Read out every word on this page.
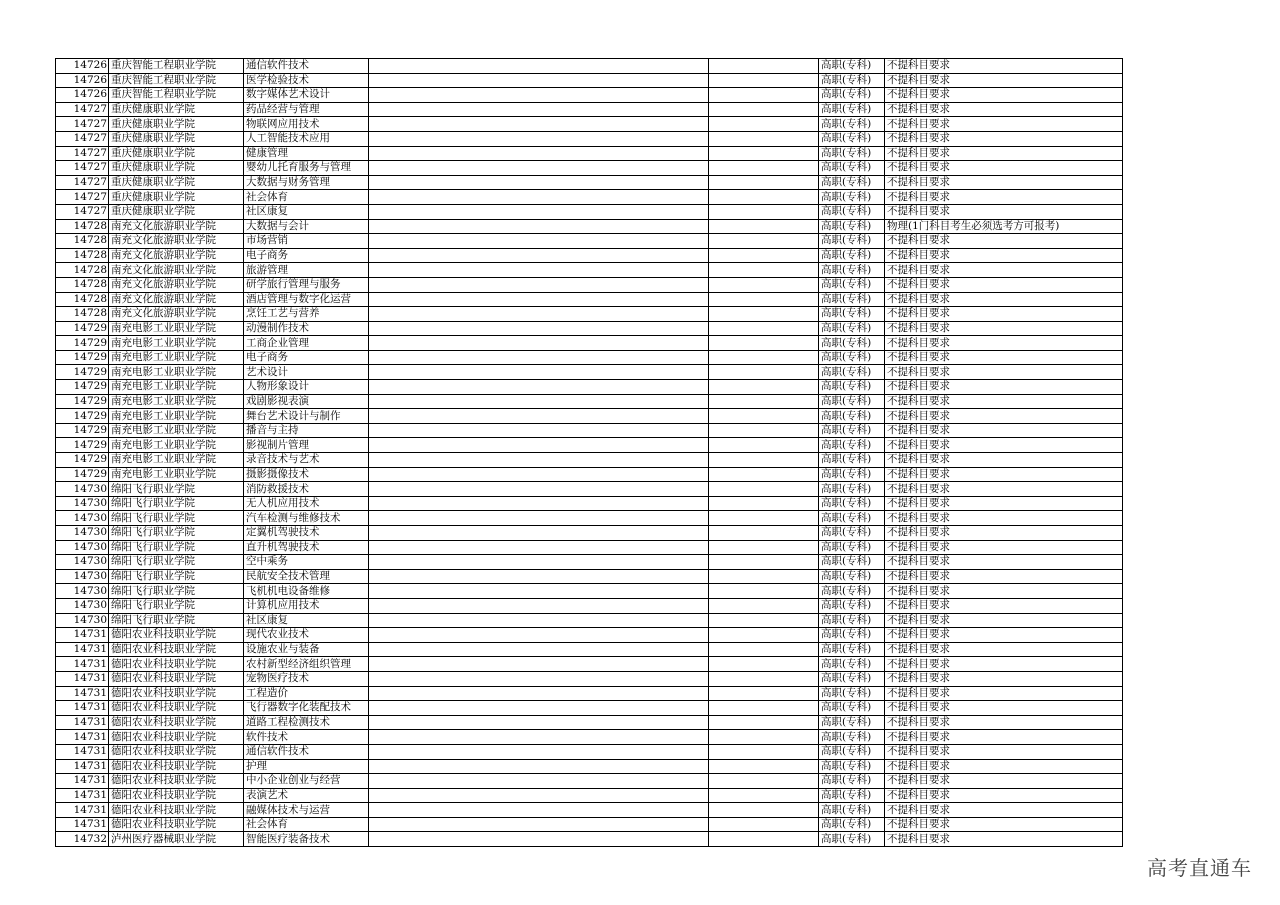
14726	重庆智能工程职业学院	通信软件技术			高职(专科)	不提科目要求
14726	重庆智能工程职业学院	医学检验技术			高职(专科)	不提科目要求
14726	重庆智能工程职业学院	数字媒体艺术设计			高职(专科)	不提科目要求
14727	重庆健康职业学院	药品经营与管理			高职(专科)	不提科目要求
14727	重庆健康职业学院	物联网应用技术			高职(专科)	不提科目要求
14727	重庆健康职业学院	人工智能技术应用			高职(专科)	不提科目要求
14727	重庆健康职业学院	健康管理			高职(专科)	不提科目要求
14727	重庆健康职业学院	婴幼儿托育服务与管理			高职(专科)	不提科目要求
14727	重庆健康职业学院	大数据与财务管理			高职(专科)	不提科目要求
14727	重庆健康职业学院	社会体育			高职(专科)	不提科目要求
14727	重庆健康职业学院	社区康复			高职(专科)	不提科目要求
14728	南充文化旅游职业学院	大数据与会计			高职(专科)	物理(1门科目考生必须选考方可报考)
14728	南充文化旅游职业学院	市场营销			高职(专科)	不提科目要求
14728	南充文化旅游职业学院	电子商务			高职(专科)	不提科目要求
14728	南充文化旅游职业学院	旅游管理			高职(专科)	不提科目要求
14728	南充文化旅游职业学院	研学旅行管理与服务			高职(专科)	不提科目要求
14728	南充文化旅游职业学院	酒店管理与数字化运营			高职(专科)	不提科目要求
14728	南充文化旅游职业学院	烹饪工艺与营养			高职(专科)	不提科目要求
14729	南充电影工业职业学院	动漫制作技术			高职(专科)	不提科目要求
14729	南充电影工业职业学院	工商企业管理			高职(专科)	不提科目要求
14729	南充电影工业职业学院	电子商务			高职(专科)	不提科目要求
14729	南充电影工业职业学院	艺术设计			高职(专科)	不提科目要求
14729	南充电影工业职业学院	人物形象设计			高职(专科)	不提科目要求
14729	南充电影工业职业学院	戏剧影视表演			高职(专科)	不提科目要求
14729	南充电影工业职业学院	舞台艺术设计与制作			高职(专科)	不提科目要求
14729	南充电影工业职业学院	播音与主持			高职(专科)	不提科目要求
14729	南充电影工业职业学院	影视制片管理			高职(专科)	不提科目要求
14729	南充电影工业职业学院	录音技术与艺术			高职(专科)	不提科目要求
14729	南充电影工业职业学院	摄影摄像技术			高职(专科)	不提科目要求
14730	绵阳飞行职业学院	消防救援技术			高职(专科)	不提科目要求
14730	绵阳飞行职业学院	无人机应用技术			高职(专科)	不提科目要求
14730	绵阳飞行职业学院	汽车检测与维修技术			高职(专科)	不提科目要求
14730	绵阳飞行职业学院	定翼机驾驶技术			高职(专科)	不提科目要求
14730	绵阳飞行职业学院	直升机驾驶技术			高职(专科)	不提科目要求
14730	绵阳飞行职业学院	空中乘务			高职(专科)	不提科目要求
14730	绵阳飞行职业学院	民航安全技术管理			高职(专科)	不提科目要求
14730	绵阳飞行职业学院	飞机机电设备维修			高职(专科)	不提科目要求
14730	绵阳飞行职业学院	计算机应用技术			高职(专科)	不提科目要求
14730	绵阳飞行职业学院	社区康复			高职(专科)	不提科目要求
14731	德阳农业科技职业学院	现代农业技术			高职(专科)	不提科目要求
14731	德阳农业科技职业学院	设施农业与装备			高职(专科)	不提科目要求
14731	德阳农业科技职业学院	农村新型经济组织管理			高职(专科)	不提科目要求
14731	德阳农业科技职业学院	宠物医疗技术			高职(专科)	不提科目要求
14731	德阳农业科技职业学院	工程造价			高职(专科)	不提科目要求
14731	德阳农业科技职业学院	飞行器数字化装配技术			高职(专科)	不提科目要求
14731	德阳农业科技职业学院	道路工程检测技术			高职(专科)	不提科目要求
14731	德阳农业科技职业学院	软件技术			高职(专科)	不提科目要求
14731	德阳农业科技职业学院	通信软件技术			高职(专科)	不提科目要求
14731	德阳农业科技职业学院	护理			高职(专科)	不提科目要求
14731	德阳农业科技职业学院	中小企业创业与经营			高职(专科)	不提科目要求
14731	德阳农业科技职业学院	表演艺术			高职(专科)	不提科目要求
14731	德阳农业科技职业学院	融媒体技术与运营			高职(专科)	不提科目要求
14731	德阳农业科技职业学院	社会体育			高职(专科)	不提科目要求
14732	泸州医疗器械职业学院	智能医疗装备技术			高职(专科)	不提科目要求
高考直通车
